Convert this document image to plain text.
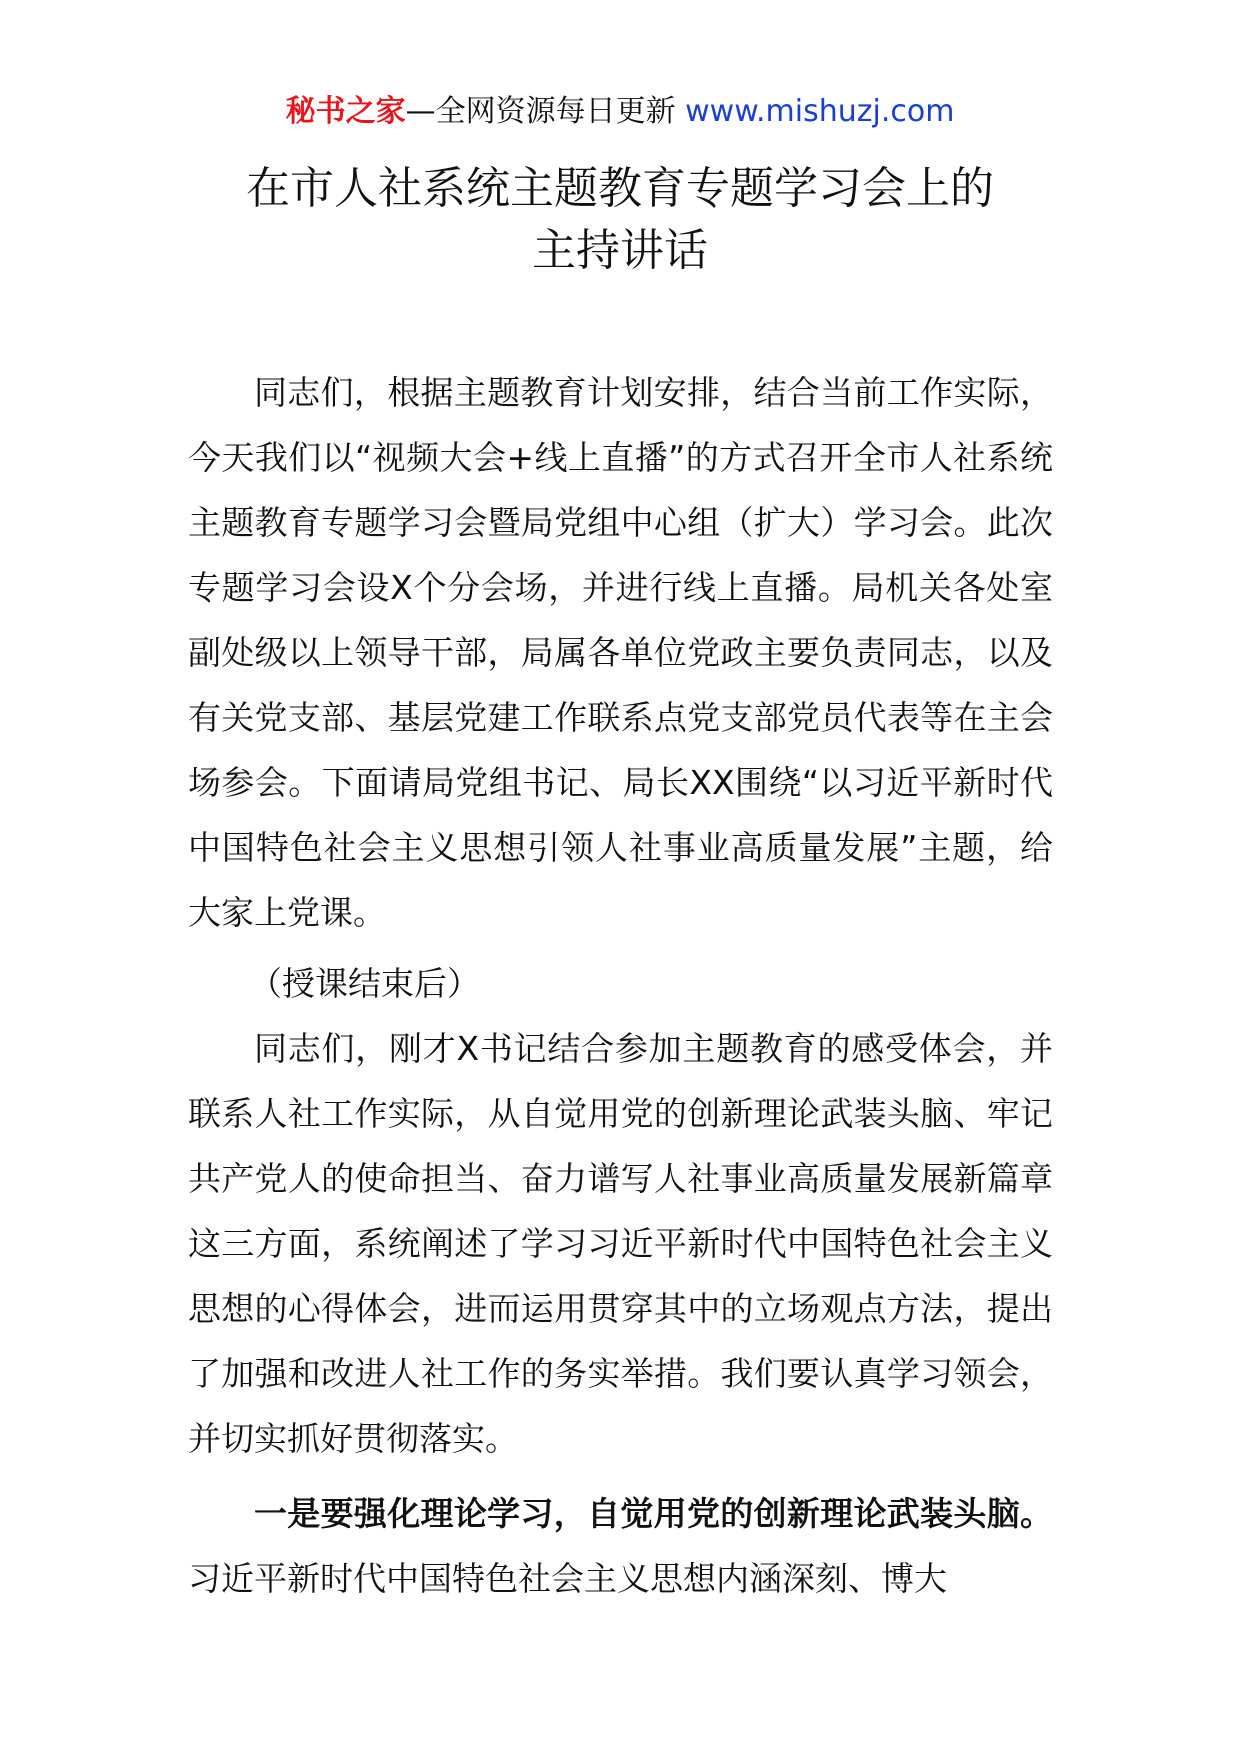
秘书之家—全网资源每日更新 www.mishuzj.com
在市人社系统主题教育专题学习会上的
主持讲话

同志们，根据主题教育计划安排，结合当前工作实际，今天我们以“视频大会+线上直播”的方式召开全市人社系统主题教育专题学习会暨局党组中心组（扩大）学习会。此次专题学习会设X个分会场，并进行线上直播。局机关各处室副处级以上领导干部，局属各单位党政主要负责同志，以及有关党支部、基层党建工作联系点党支部党员代表等在主会场参会。下面请局党组书记、局长XX围绕“以习近平新时代中国特色社会主义思想引领人社事业高质量发展”主题，给大家上党课。

（授课结束后）

同志们，刚才X书记结合参加主题教育的感受体会，并联系人社工作实际，从自觉用党的创新理论武装头脑、牢记共产党人的使命担当、奋力谱写人社事业高质量发展新篇章这三方面，系统阐述了学习习近平新时代中国特色社会主义思想的心得体会，进而运用贯穿其中的立场观点方法，提出了加强和改进人社工作的务实举措。我们要认真学习领会，并切实抓好贯彻落实。

一是要强化理论学习，自觉用党的创新理论武装头脑。习近平新时代中国特色社会主义思想内涵深刻、博大
